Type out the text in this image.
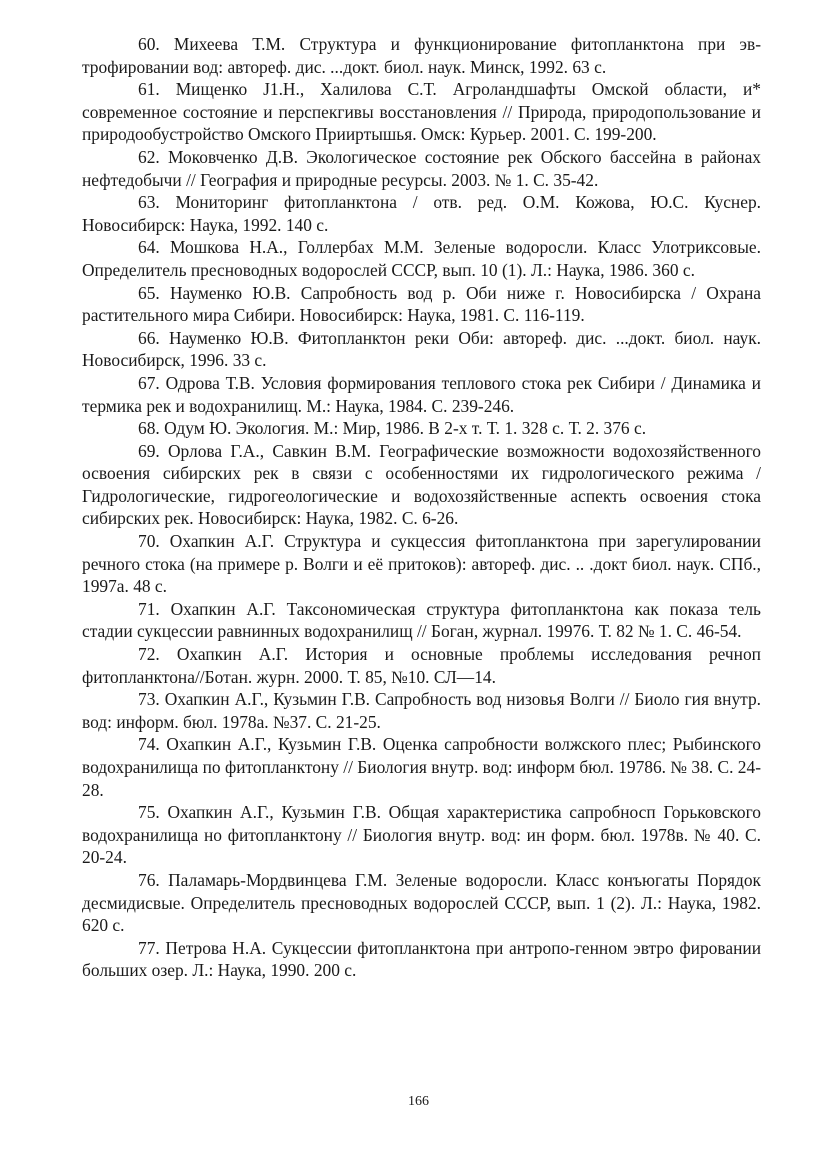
60. Михеева Т.М. Структура и функционирование фитопланктона при эвтрофировании вод: автореф. дис. ...докт. биол. наук. Минск, 1992. 63 с.

61. Мищенко J1.Н., Халилова С.Т. Агроландшафты Омской области, и* современное состояние и перспекгивы восстановления // Природа, природопользование и природообустройство Омского Прииртышья. Омск: Курьер. 2001. С. 199-200.

62. Моковченко Д.В. Экологическое состояние рек Обского бассейна в районах нефтедобычи // География и природные ресурсы. 2003. № 1. С. 35-42.

63. Мониторинг фитопланктона / отв. ред. О.М. Кожова, Ю.С. Куснер. Новосибирск: Наука, 1992. 140 с.

64. Мошкова Н.А., Голлербах М.М. Зеленые водоросли. Класс Улотриксовые. Определитель пресноводных водорослей СССР, вып. 10 (1). Л.: Наука, 1986. 360 с.

65. Науменко Ю.В. Сапробность вод р. Оби ниже г. Новосибирска / Охрана растительного мира Сибири. Новосибирск: Наука, 1981. С. 116-119.

66. Науменко Ю.В. Фитопланктон реки Оби: автореф. дис. ...докт. биол. наук. Новосибирск, 1996. 33 с.

67. Одрова Т.В. Условия формирования теплового стока рек Сибири / Динамика и термика рек и водохранилищ. М.: Наука, 1984. С. 239-246.

68. Одум Ю. Экология. М.: Мир, 1986. В 2-х т. Т. 1. 328 с. Т. 2. 376 с.

69. Орлова Г.А., Савкин В.М. Географические возможности водохозяйственного освоения сибирских рек в связи с особенностями их гидрологического режима / Гидрологические, гидрогеологические и водохозяйственные аспекть освоения стока сибирских рек. Новосибирск: Наука, 1982. С. 6-26.

70. Охапкин А.Г. Структура и сукцессия фитопланктона при зарегулировании речного стока (на примере р. Волги и её притоков): автореф. дис. .. .докт биол. наук. СПб., 1997а. 48 с.

71. Охапкин А.Г. Таксономическая структура фитопланктона как показа тель стадии сукцессии равнинных водохранилищ // Боган, журнал. 19976. Т. 82 № 1. С. 46-54.

72. Охапкин А.Г. История и основные проблемы исследования речноп фитопланктона//Ботан. журн. 2000. Т. 85, №10. СЛ—14.

73. Охапкин А.Г., Кузьмин Г.В. Сапробность вод низовья Волги // Биоло гия внутр. вод: информ. бюл. 1978а. №37. С. 21-25.

74. Охапкин А.Г., Кузьмин Г.В. Оценка сапробности волжского плес; Рыбинского водохранилища по фитопланктону // Биология внутр. вод: информ бюл. 19786. № 38. С. 24-28.

75. Охапкин А.Г., Кузьмин Г.В. Общая характеристика сапробносп Горьковского водохранилища но фитопланктону // Биология внутр. вод: ин форм. бюл. 1978в. № 40. С. 20-24.

76. Паламарь-Мордвинцева Г.М. Зеленые водоросли. Класс конъюгаты Порядок десмидисвые. Определитель пресноводных водорослей СССР, вып. 1 (2). Л.: Наука, 1982. 620 с.

77. Петрова Н.А. Сукцессии фитопланктона при антропо-генном эвтро фировании больших озер. Л.: Наука, 1990. 200 с.

166
